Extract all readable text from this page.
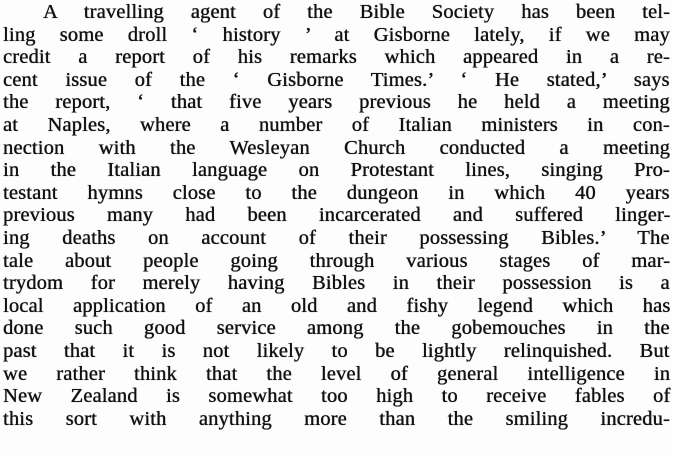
A travelling agent of the Bible Society has been tel-
ling some droll ‘ history ’ at Gisborne lately, if we may
credit a report of his remarks which appeared in a re-
cent issue of the ‘ Gisborne Times.’ ‘ He stated,’ says
the report, ‘ that five years previous he held a meeting
at Naples, where a number of Italian ministers in con-
nection with the Wesleyan Church conducted a meeting
in the Italian language on Protestant lines, singing Pro-
testant hymns close to the dungeon in which 40 years
previous many had been incarcerated and suffered linger-
ing deaths on account of their possessing Bibles.’ The
tale about people going through various stages of mar-
trydom for merely having Bibles in their possession is a
local application of an old and fishy legend which has
done such good service among the gobemouches in the
past that it is not likely to be lightly relinquished. But
we rather think that the level of general intelligence in
New Zealand is somewhat too high to receive fables of
this sort with anything more than the smiling incredu-
